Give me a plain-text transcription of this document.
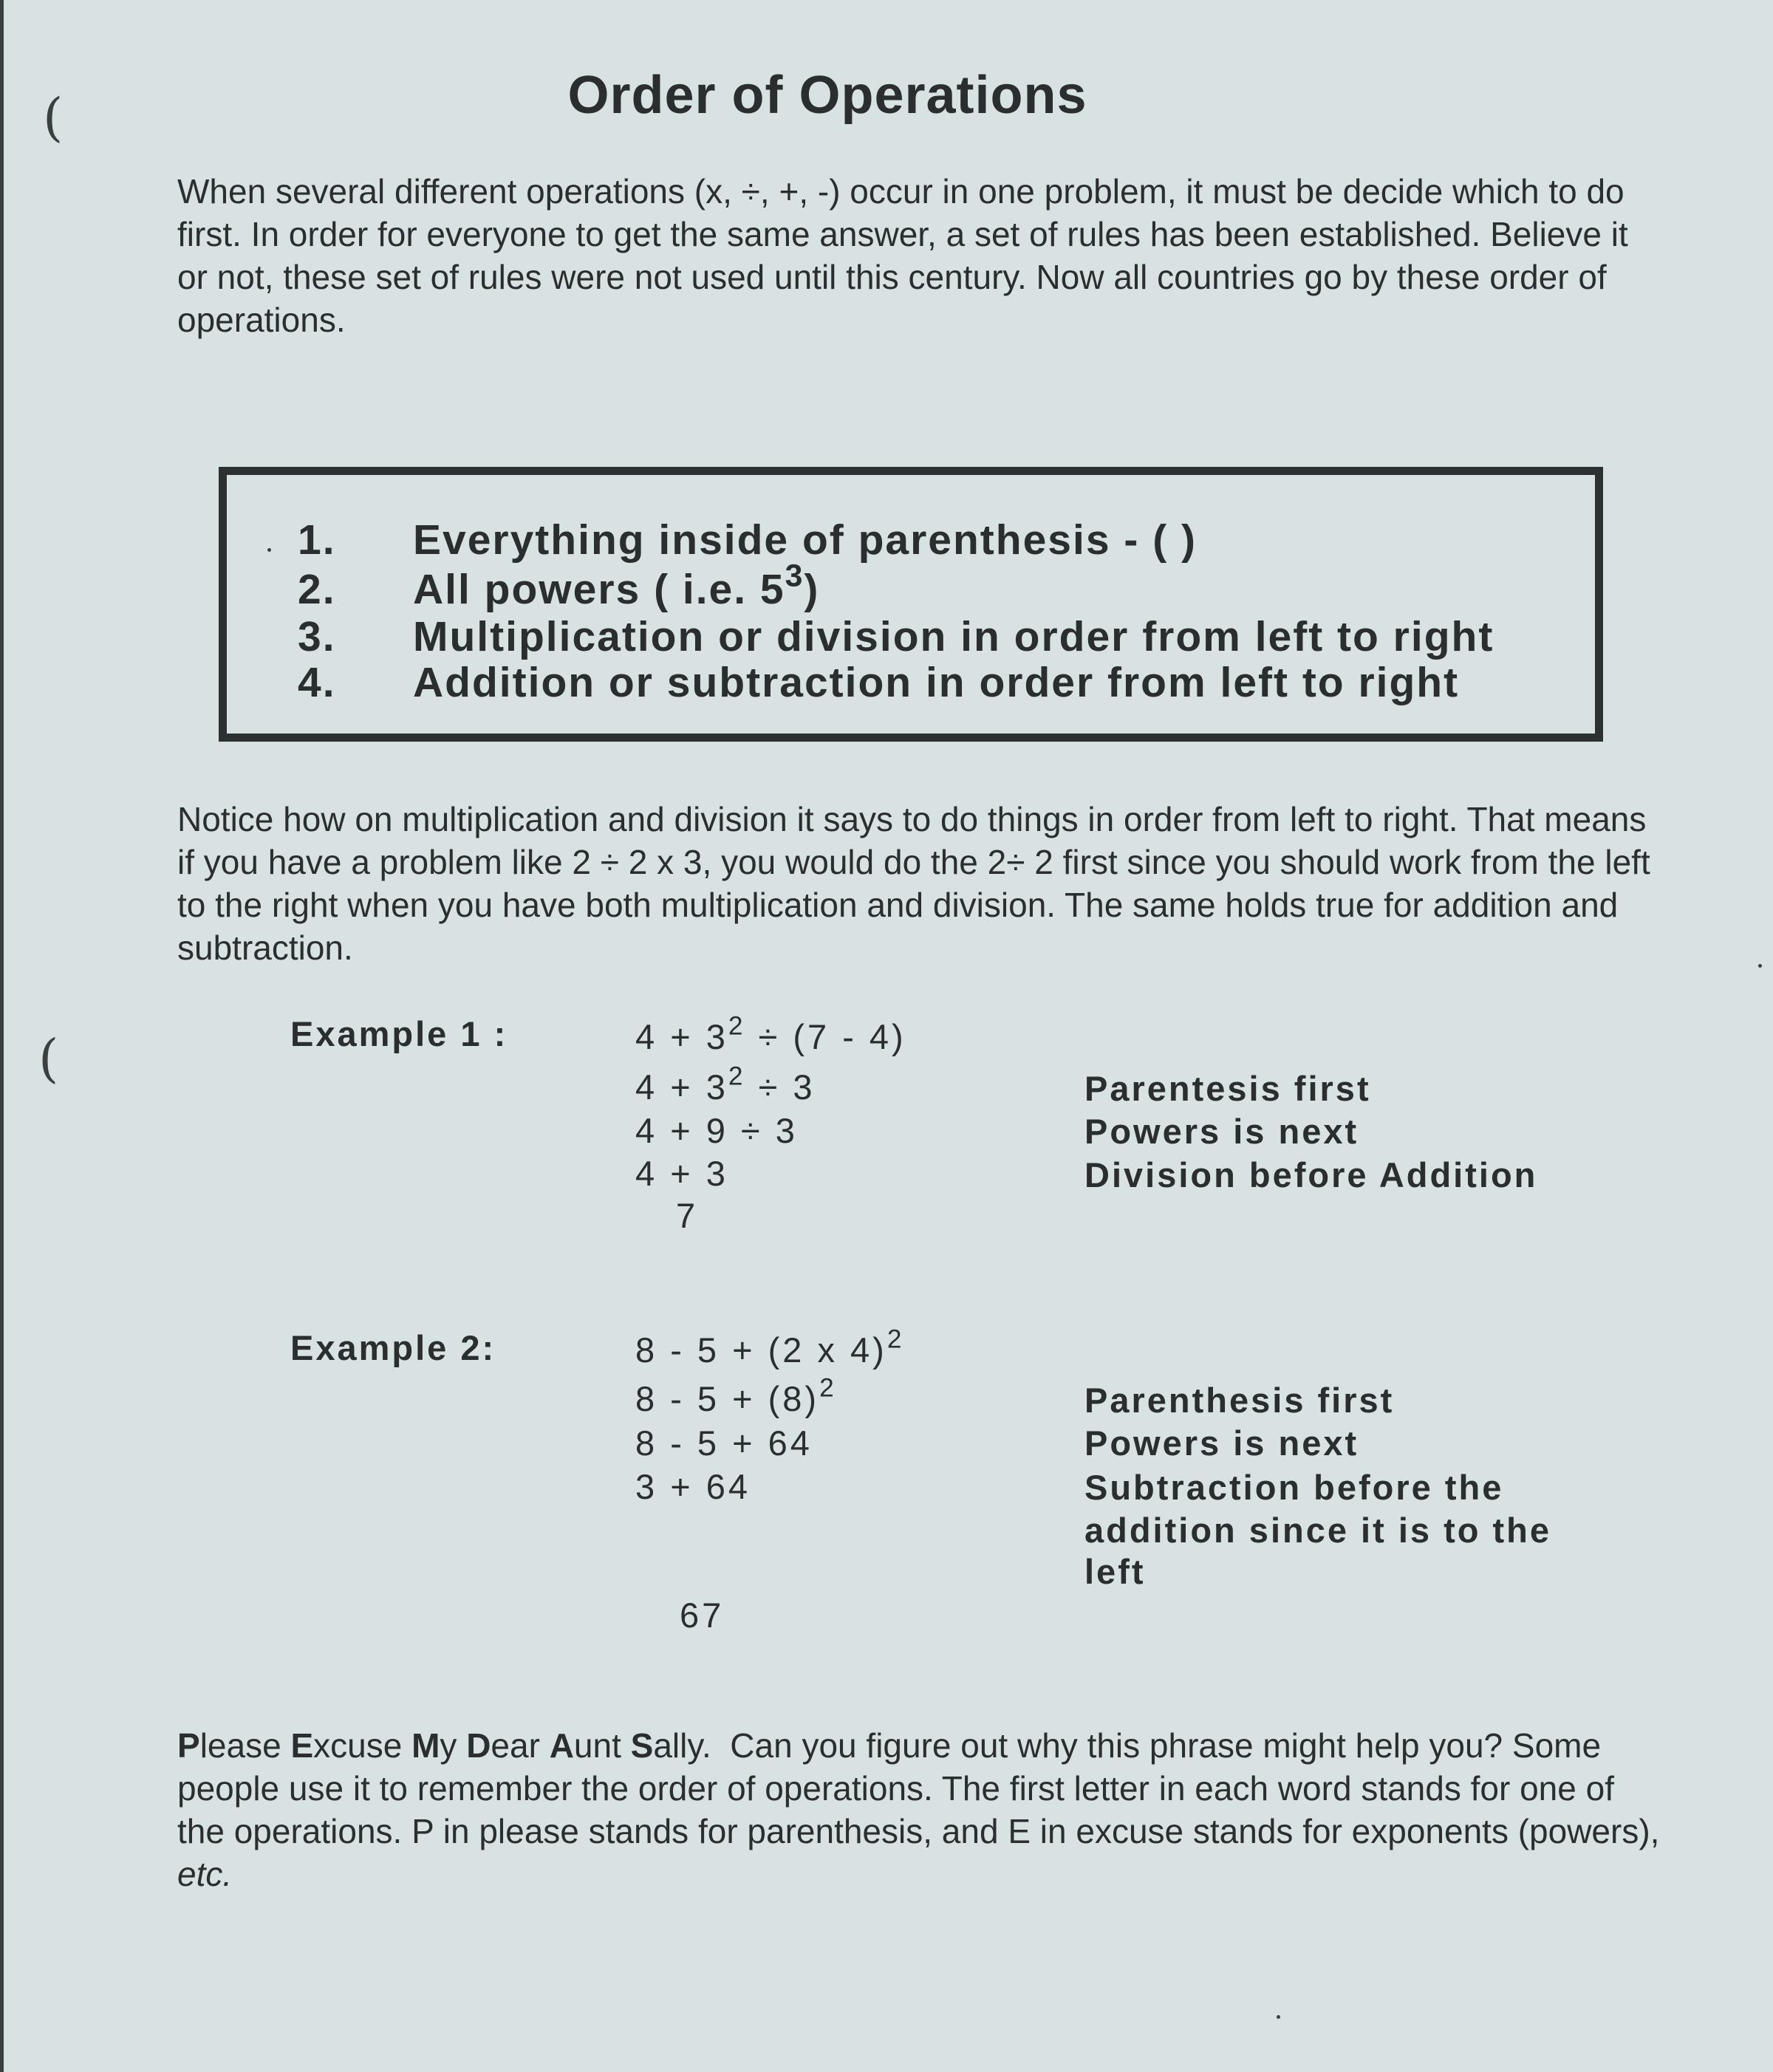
(
(
Order of Operations

When several different operations (x, ÷, +, -) occur in one problem, it must be decide which to do first. In order for everyone to get the same answer, a set of rules has been established. Believe it or not, these set of rules were not used until this century. Now all countries go by these order of operations.

1. Everything inside of parenthesis - ( )
2. All powers ( i.e. $5^3$)
3. Multiplication or division in order from left to right
4. Addition or subtraction in order from left to right

Notice how on multiplication and division it says to do things in order from left to right. That means if you have a problem like 2 ÷ 2 x 3, you would do the 2÷ 2 first since you should work from the left to the right when you have both multiplication and division. The same holds true for addition and subtraction.

Example 1 :	$4 + 3^2 \div (7 - 4)$
$4 + 3^2 \div 3$
4 + 9 ÷ 3
4 + 3
7
Parentesis first
Powers is next
Division before Addition
Example 2:	8 - 5 + (2 x 4)$^2$
$8 - 5 + (8)^2$
8 - 5 + 64
3 + 64
67
Parenthesis first
Powers is next
Subtraction before the
addition since it is to the
left

Please Excuse My Dear Aunt Sally. Can you figure out why this phrase might help you? Some people use it to remember the order of operations. The first letter in each word stands for one of the operations. P in please stands for parenthesis, and E in excuse stands for exponents (powers), etc.
